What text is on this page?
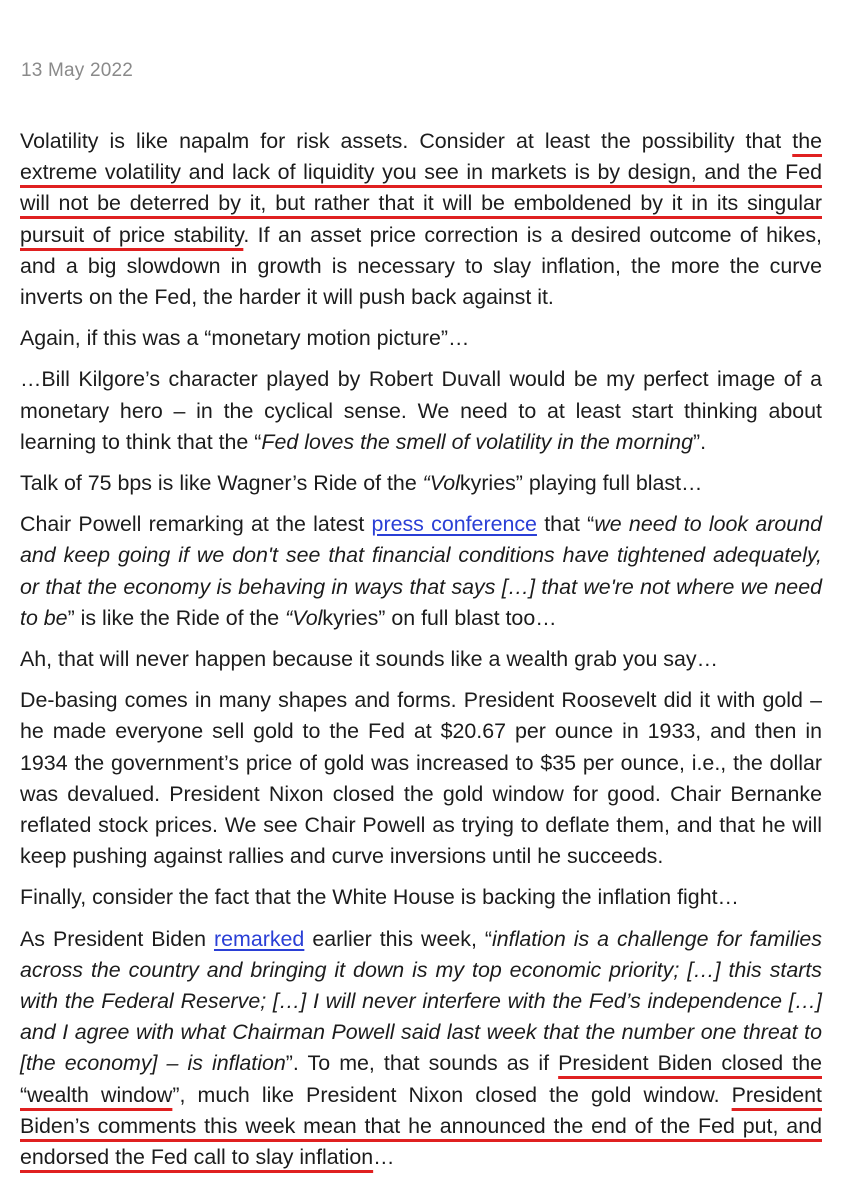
13 May 2022

Volatility is like napalm for risk assets. Consider at least the possibility that the extreme volatility and lack of liquidity you see in markets is by design, and the Fed will not be deterred by it, but rather that it will be emboldened by it in its singular pursuit of price stability. If an asset price correction is a desired outcome of hikes, and a big slowdown in growth is necessary to slay inflation, the more the curve inverts on the Fed, the harder it will push back against it.

Again, if this was a “monetary motion picture”…

…Bill Kilgore’s character played by Robert Duvall would be my perfect image of a monetary hero – in the cyclical sense. We need to at least start thinking about learning to think that the “Fed loves the smell of volatility in the morning”.

Talk of 75 bps is like Wagner’s Ride of the “Volkyries” playing full blast…

Chair Powell remarking at the latest press conference that “we need to look around and keep going if we don't see that financial conditions have tightened adequately, or that the economy is behaving in ways that says […] that we're not where we need to be” is like the Ride of the “Volkyries” on full blast too…

Ah, that will never happen because it sounds like a wealth grab you say…

De-basing comes in many shapes and forms. President Roosevelt did it with gold – he made everyone sell gold to the Fed at $20.67 per ounce in 1933, and then in 1934 the government’s price of gold was increased to $35 per ounce, i.e., the dollar was devalued. President Nixon closed the gold window for good. Chair Bernanke reflated stock prices. We see Chair Powell as trying to deflate them, and that he will keep pushing against rallies and curve inversions until he succeeds.

Finally, consider the fact that the White House is backing the inflation fight…

As President Biden remarked earlier this week, “inflation is a challenge for families across the country and bringing it down is my top economic priority; […] this starts with the Federal Reserve; […] I will never interfere with the Fed’s independence […] and I agree with what Chairman Powell said last week that the number one threat to [the economy] – is inflation”. To me, that sounds as if President Biden closed the “wealth window”, much like President Nixon closed the gold window. President Biden’s comments this week mean that he announced the end of the Fed put, and endorsed the Fed call to slay inflation…
